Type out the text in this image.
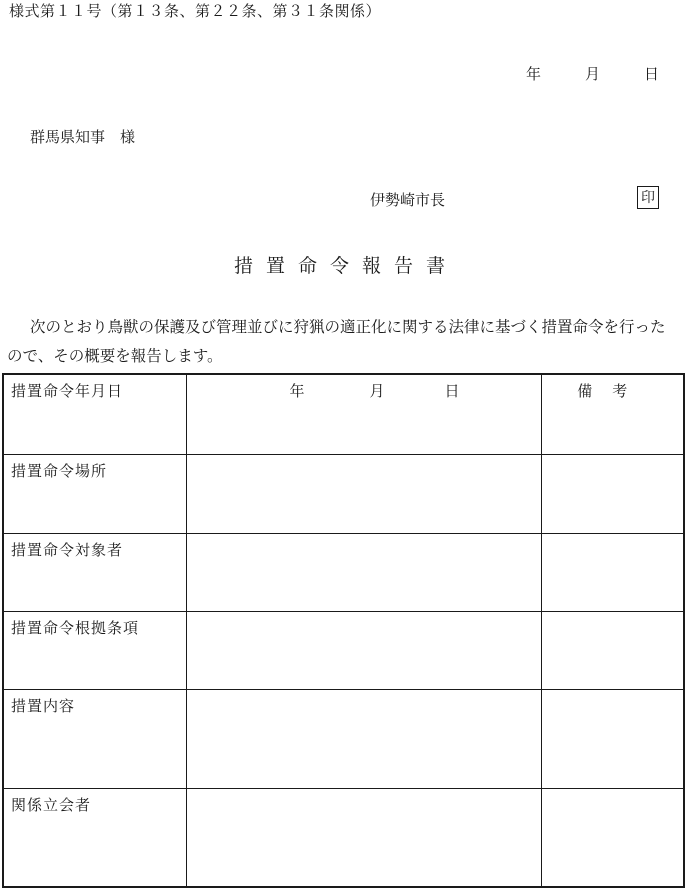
様式第１１号（第１３条、第２２条、第３１条関係）
年	月	日
群馬県知事　様
伊勢崎市長	印
措置命令報告書
次のとおり鳥獣の保護及び管理並びに狩猟の適正化に関する法律に基づく措置命令を行ったので、その概要を報告します。
措置命令年月日	年 月 日	備考
措置命令場所		
措置命令対象者		
措置命令根拠条項		
措置内容		
関係立会者		
